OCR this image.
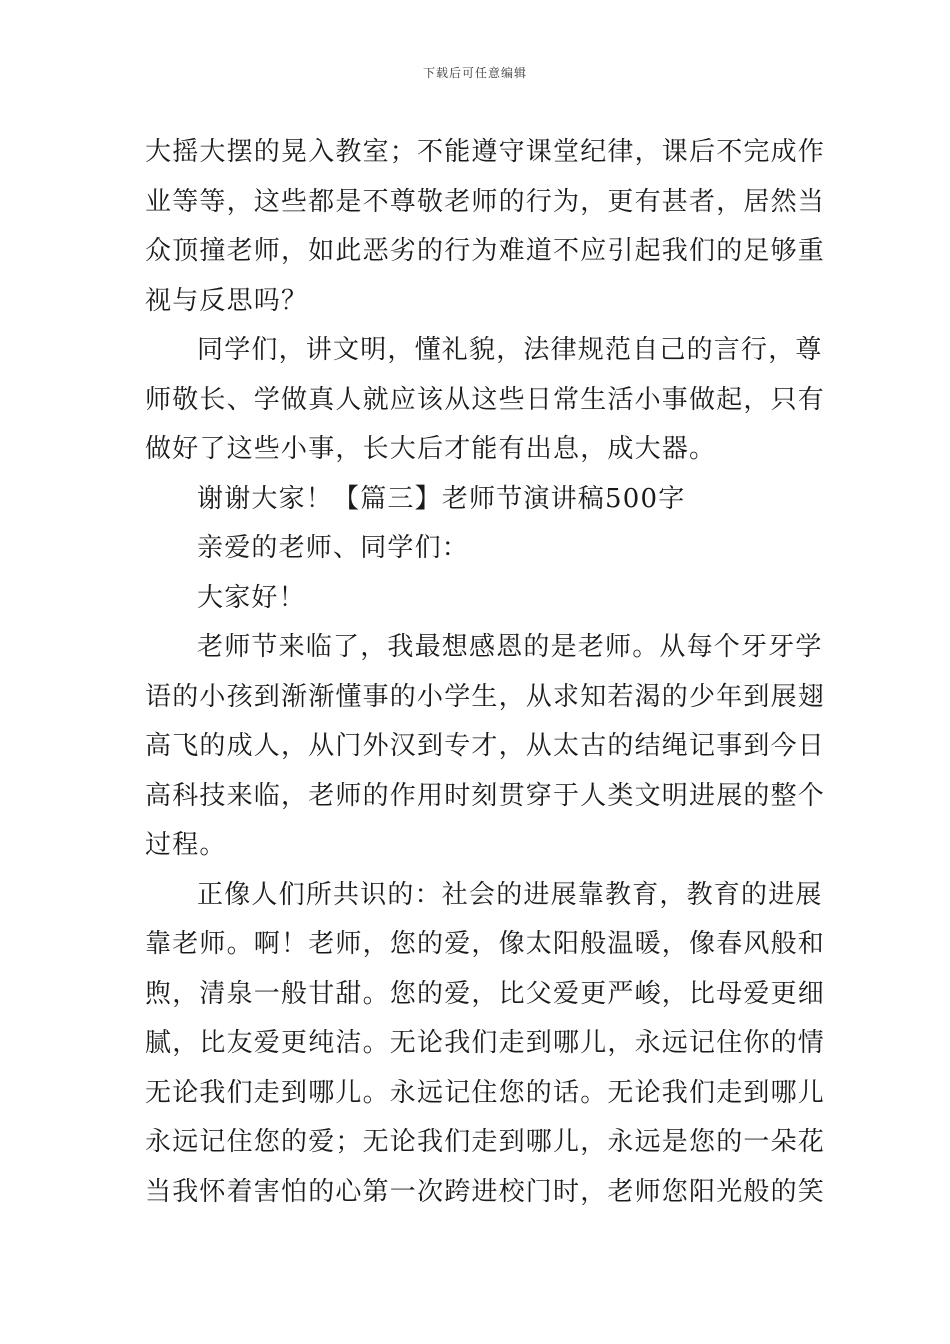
下载后可任意编辑
大摇大摆的晃入教室；不能遵守课堂纪律，课后不完成作
业等等，这些都是不尊敬老师的行为，更有甚者，居然当
众顶撞老师，如此恶劣的行为难道不应引起我们的足够重
视与反思吗？
同学们，讲文明，懂礼貌，法律规范自己的言行，尊
师敬长、学做真人就应该从这些日常生活小事做起，只有
做好了这些小事，长大后才能有出息，成大器。
谢谢大家！【篇三】老师节演讲稿500字
亲爱的老师、同学们：
大家好！
老师节来临了，我最想感恩的是老师。从每个牙牙学
语的小孩到渐渐懂事的小学生，从求知若渴的少年到展翅
高飞的成人，从门外汉到专才，从太古的结绳记事到今日
高科技来临，老师的作用时刻贯穿于人类文明进展的整个
过程。
正像人们所共识的：社会的进展靠教育，教育的进展
靠老师。啊！老师，您的爱，像太阳般温暖，像春风般和
煦，清泉一般甘甜。您的爱，比父爱更严峻，比母爱更细
腻，比友爱更纯洁。无论我们走到哪儿，永远记住你的情
无论我们走到哪儿。永远记住您的话。无论我们走到哪儿
永远记住您的爱；无论我们走到哪儿，永远是您的一朵花
当我怀着害怕的心第一次跨进校门时，老师您阳光般的笑
